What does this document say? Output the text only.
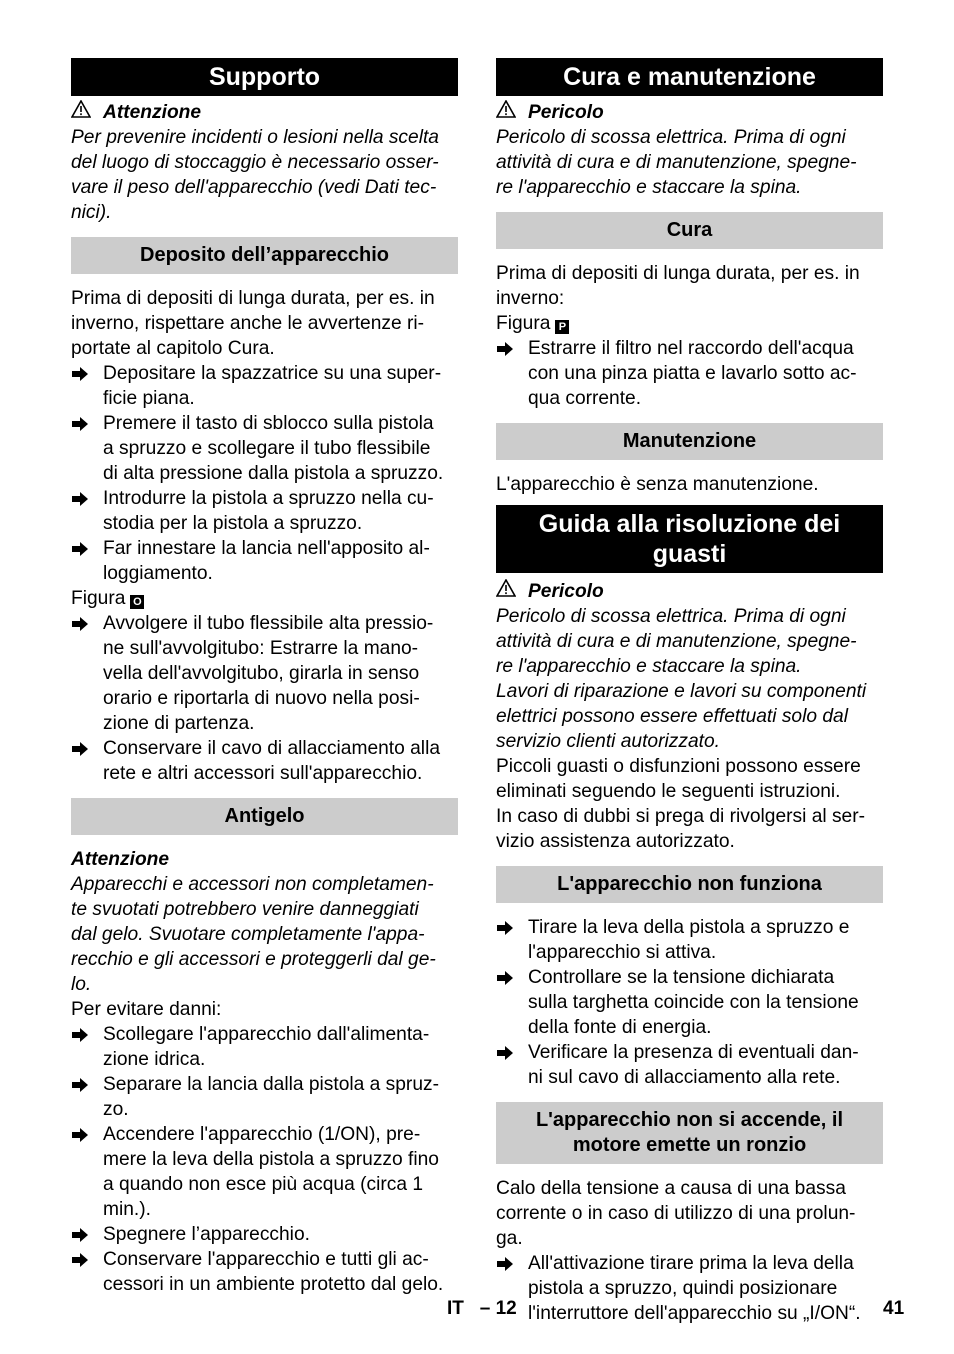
Supporto
Attenzione
Per prevenire incidenti o lesioni nella scelta
del luogo di stoccaggio è necessario osser-
vare il peso dell'apparecchio (vedi Dati tec-
nici).
Deposito dell’apparecchio
Prima di depositi di lunga durata, per es. in
inverno, rispettare anche le avvertenze ri-
portate al capitolo Cura.
Depositare la spazzatrice su una super-
ficie piana.
Premere il tasto di sblocco sulla pistola
a spruzzo e scollegare il tubo flessibile
di alta pressione dalla pistola a spruzzo.
Introdurre la pistola a spruzzo nella cu-
stodia per la pistola a spruzzo.
Far innestare la lancia nell'apposito al-
loggiamento.
Figura O
Avvolgere il tubo flessibile alta pressio-
ne sull'avvolgitubo: Estrarre la mano-
vella dell'avvolgitubo, girarla in senso
orario e riportarla di nuovo nella posi-
zione di partenza.
Conservare il cavo di allacciamento alla
rete e altri accessori sull'apparecchio.
Antigelo
Attenzione
Apparecchi e accessori non completamen-
te svuotati potrebbero venire danneggiati
dal gelo. Svuotare completamente l'appa-
recchio e gli accessori e proteggerli dal ge-
lo.
Per evitare danni:
Scollegare l'apparecchio dall'alimenta-
zione idrica.
Separare la lancia dalla pistola a spruz-
zo.
Accendere l'apparecchio (1/ON), pre-
mere la leva della pistola a spruzzo fino
a quando non esce più acqua (circa 1
min.).
Spegnere l’apparecchio.
Conservare l'apparecchio e tutti gli ac-
cessori in un ambiente protetto dal gelo.
Cura e manutenzione
Pericolo
Pericolo di scossa elettrica. Prima di ogni
attività di cura e di manutenzione, spegne-
re l'apparecchio e staccare la spina.
Cura
Prima di depositi di lunga durata, per es. in
inverno:
Figura P
Estrarre il filtro nel raccordo dell'acqua
con una pinza piatta e lavarlo sotto ac-
qua corrente.
Manutenzione
L'apparecchio è senza manutenzione.
Guida alla risoluzione dei
guasti
Pericolo
Pericolo di scossa elettrica. Prima di ogni
attività di cura e di manutenzione, spegne-
re l'apparecchio e staccare la spina.
Lavori di riparazione e lavori su componenti
elettrici possono essere effettuati solo dal
servizio clienti autorizzato.
Piccoli guasti o disfunzioni possono essere
eliminati seguendo le seguenti istruzioni.
In caso di dubbi si prega di rivolgersi al ser-
vizio assistenza autorizzato.
L'apparecchio non funziona
Tirare la leva della pistola a spruzzo e
l'apparecchio si attiva.
Controllare se la tensione dichiarata
sulla targhetta coincide con la tensione
della fonte di energia.
Verificare la presenza di eventuali dan-
ni sul cavo di allacciamento alla rete.
L'apparecchio non si accende, il
motore emette un ronzio
Calo della tensione a causa di una bassa
corrente o in caso di utilizzo di una prolun-
ga.
All'attivazione tirare prima la leva della
pistola a spruzzo, quindi posizionare
l'interruttore dell'apparecchio su „I/ON“.
IT   – 12	41
